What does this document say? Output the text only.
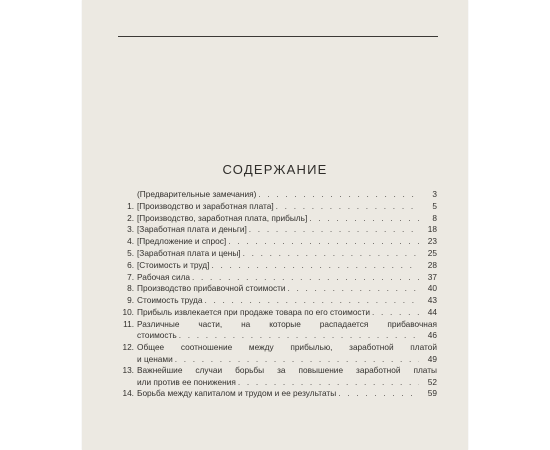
СОДЕРЖАНИЕ
(Предварительные замечания) . . .	3
1. [Производство и заработная плата] . . .	5
2. [Производство, заработная плата, прибыль] . . .	8
3. [Заработная плата и деньги] . . .	18
4. [Предложение и спрос] . . .	23
5. [Заработная плата и цены] . . .	25
6. [Стоимость и труд] . . .	28
7. Рабочая сила . . .	37
8. Производство прибавочной стоимости . . .	40
9. Стоимость труда . . .	43
10. Прибыль извлекается при продаже товара по его стоимости . . .	44
11. Различные части, на которые распадается прибавочная
стоимость . . .	46
12. Общее соотношение между прибылью, заработной платой
и ценами . . .	49
13. Важнейшие случаи борьбы за повышение заработной платы
или против ее понижения . . .	52
14. Борьба между капиталом и трудом и ее результаты . . .	59
